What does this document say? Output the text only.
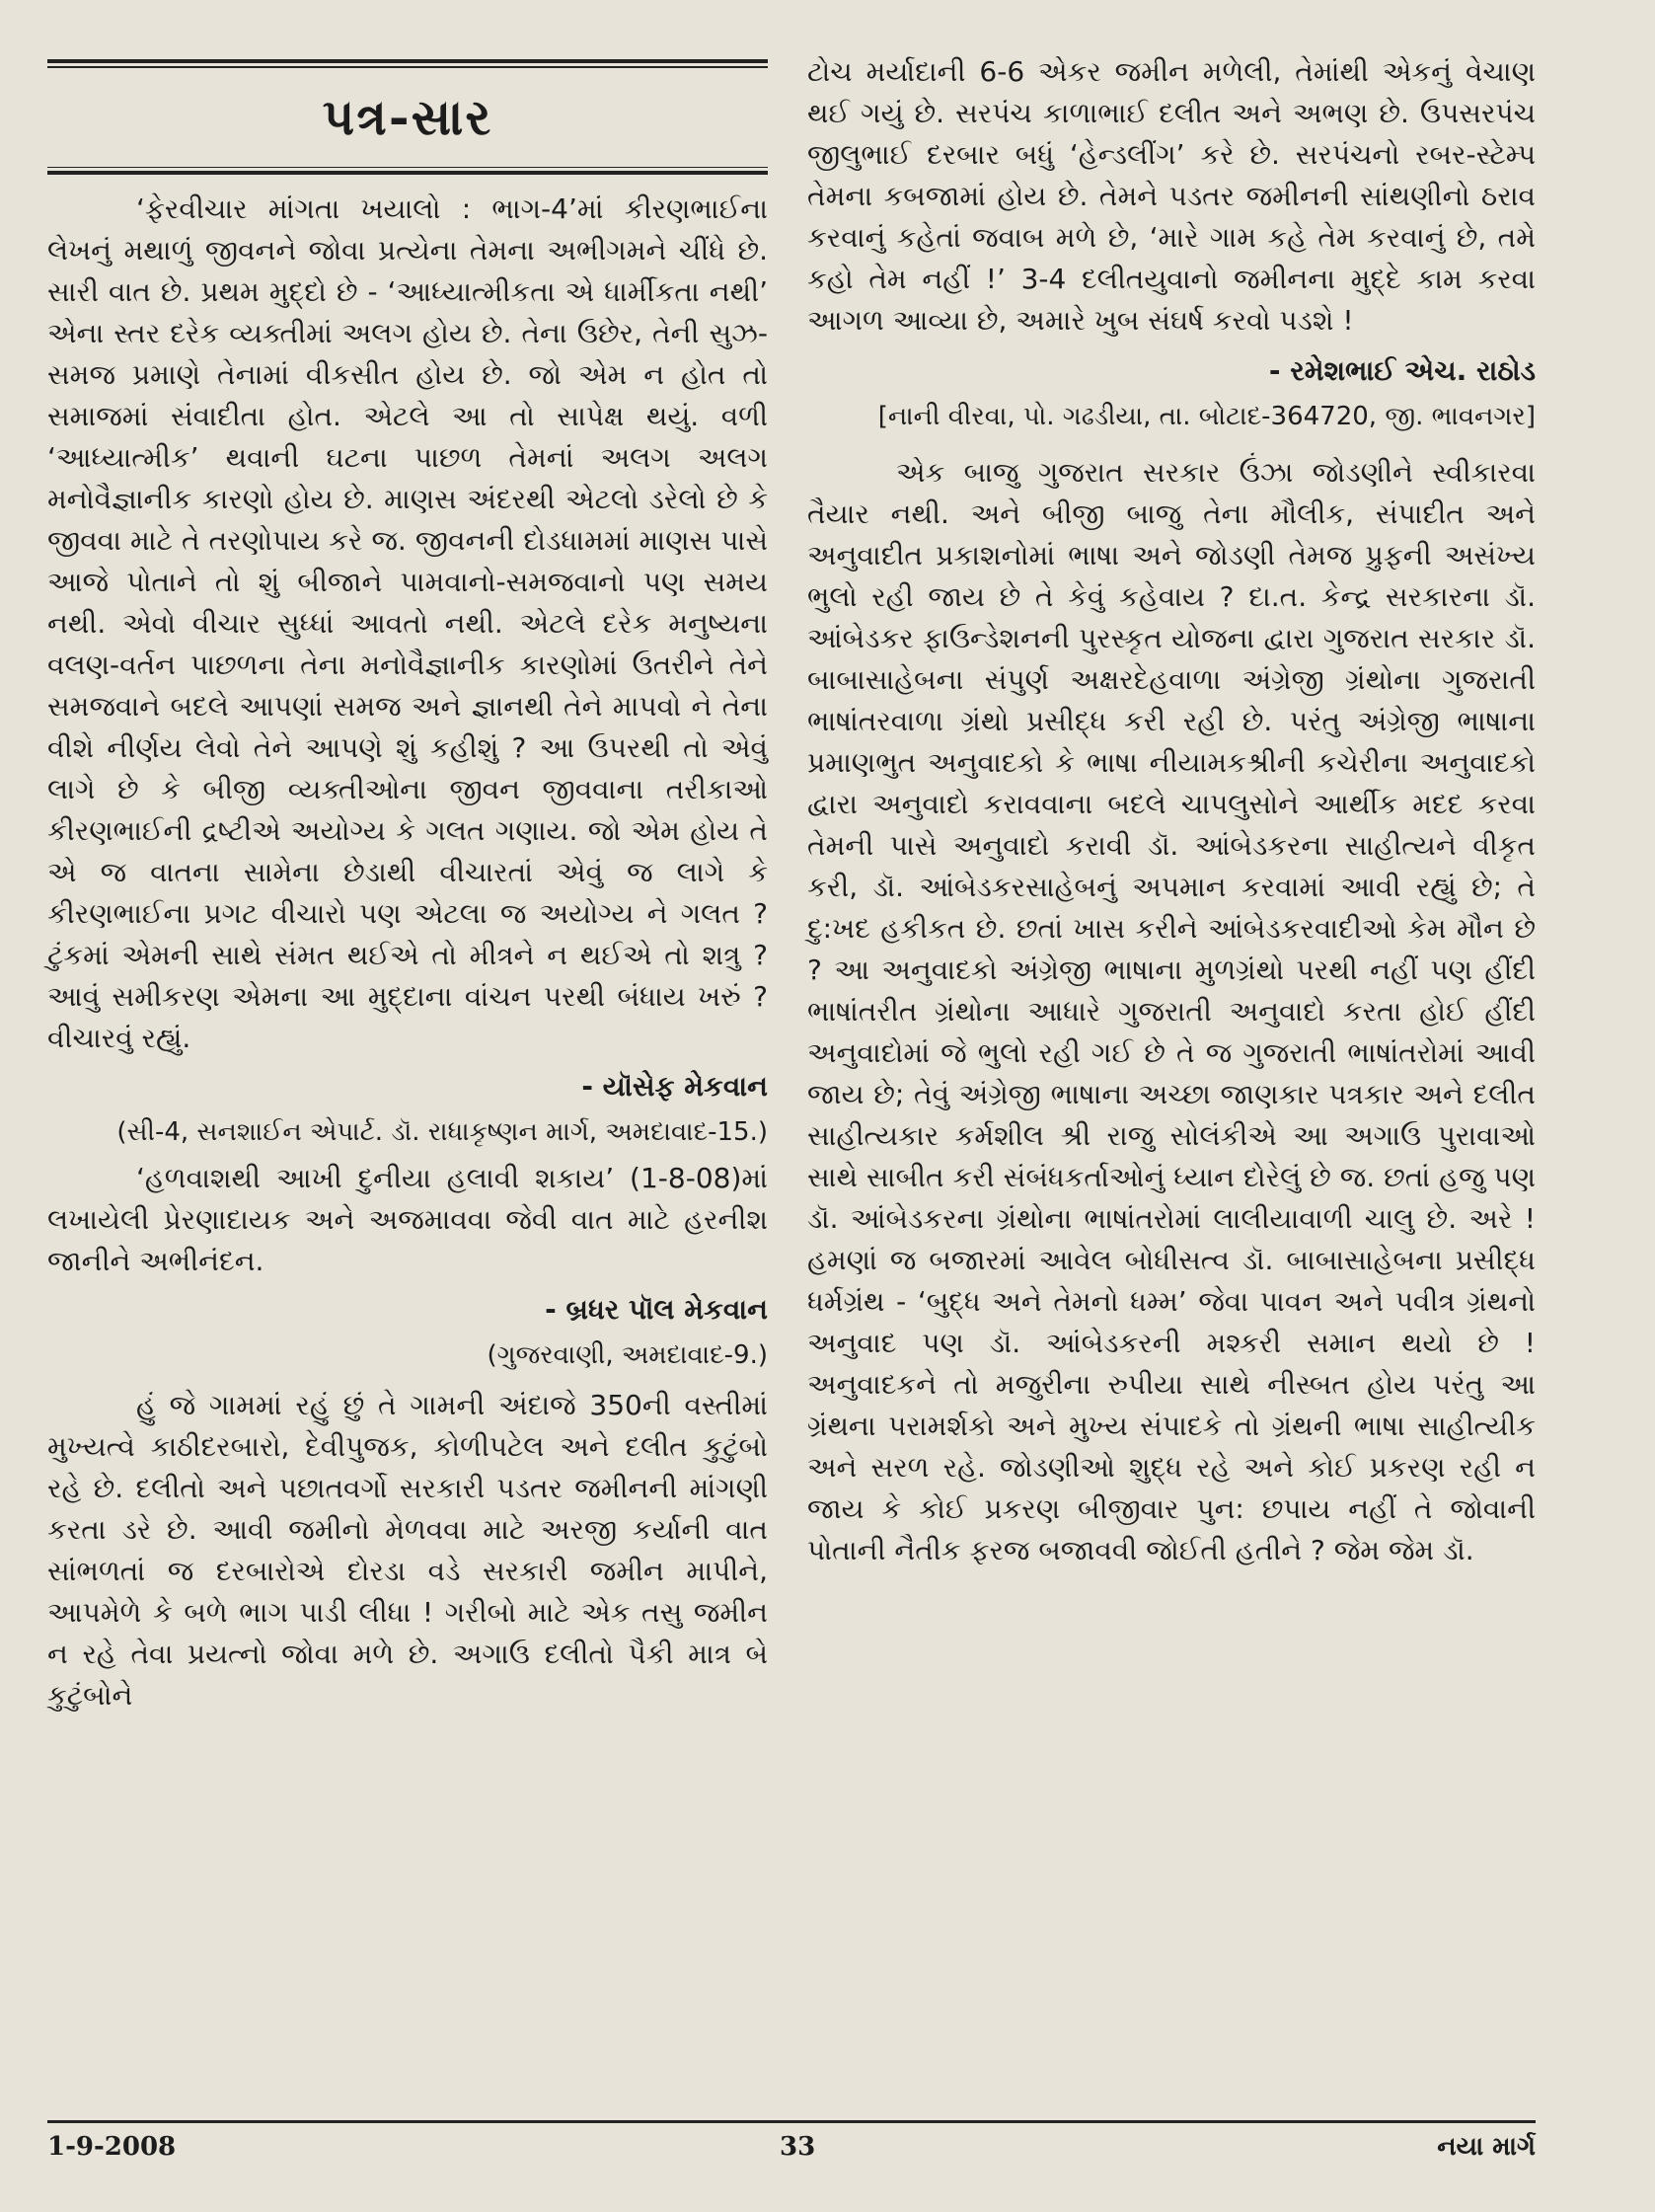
પત્ર-સાર

‘ફેરવીચાર માંગતા ખયાલો : ભાગ-4’માં કીરણભાઈના લેખનું મથાળું જીવનને જોવા પ્રત્યેના તેમના અભીગમને ચીંધે છે. સારી વાત છે. પ્રથમ મુદ્દો છે - ‘આધ્યાત્મીકતા એ ધાર્મીકતા નથી’ એના સ્તર દરેક વ્યક્તીમાં અલગ હોય છે. તેના ઉછેર, તેની સુઝ-સમજ પ્રમાણે તેનામાં વીકસીત હોય છે. જો એમ ન હોત તો સમાજમાં સંવાદીતા હોત. એટલે આ તો સાપેક્ષ થયું. વળી ‘આધ્યાત્મીક’ થવાની ઘટના પાછળ તેમનાં અલગ અલગ મનોવૈજ્ઞાનીક કારણો હોય છે. માણસ અંદરથી એટલો ડરેલો છે કે જીવવા માટે તે તરણોપાય કરે જ. જીવનની દોડધામમાં માણસ પાસે આજે પોતાને તો શું બીજાને પામવાનો-સમજવાનો પણ સમય નથી. એવો વીચાર સુધ્ધાં આવતો નથી. એટલે દરેક મનુષ્યના વલણ-વર્તન પાછળના તેના મનોવૈજ્ઞાનીક કારણોમાં ઉતરીને તેને સમજવાને બદલે આપણાં સમજ અને જ્ઞાનથી તેને માપવો ને તેના વીશે નીર્ણય લેવો તેને આપણે શું કહીશું ? આ ઉપરથી તો એવું લાગે છે કે બીજી વ્યક્તીઓના જીવન જીવવાના તરીકાઓ કીરણભાઈની દ્રષ્ટીએ અયોગ્ય કે ગલત ગણાય. જો એમ હોય તે એ જ વાતના સામેના છેડાથી વીચારતાં એવું જ લાગે કે કીરણભાઈના પ્રગટ વીચારો પણ એટલા જ અયોગ્ય ને ગલત ? ટુંકમાં એમની સાથે સંમત થઈએ તો મીત્રને ન થઈએ તો શત્રુ ? આવું સમીકરણ એમના આ મુદ્દાના વાંચન પરથી બંધાય ખરું ? વીચારવું રહ્યું.

- યૉસેફ મેકવાન

(સી-4, સનશાઈન એપાર્ટ. ડૉ. રાધાકૃષ્ણન માર્ગ, અમદાવાદ-15.)

‘હળવાશથી આખી દુનીયા હલાવી શકાય’ (1-8-08)માં લખાયેલી પ્રેરણાદાયક અને અજમાવવા જેવી વાત માટે હરનીશ જાનીને અભીનંદન.

- બ્રધર પૉલ મેકવાન

(ગુજરવાણી, અમદાવાદ-9.)

હું જે ગામમાં રહું છું તે ગામની અંદાજે 350ની વસ્તીમાં મુખ્યત્વે કાઠીદરબારો, દેવીપુજક, કોળીપટેલ અને દલીત કુટુંબો રહે છે. દલીતો અને પછાતવર્ગો સરકારી પડતર જમીનની માંગણી કરતા ડરે છે. આવી જમીનો મેળવવા માટે અરજી કર્યાની વાત સાંભળતાં જ દરબારોએ દોરડા વડે સરકારી જમીન માપીને, આપમેળે કે બળે ભાગ પાડી લીધા ! ગરીબો માટે એક તસુ જમીન ન રહે તેવા પ્રયત્નો જોવા મળે છે. અગાઉ દલીતો પૈકી માત્ર બે કુટુંબોને

ટોચ મર્યાદાની 6-6 એકર જમીન મળેલી, તેમાંથી એકનું વેચાણ થઈ ગયું છે. સરપંચ કાળાભાઈ દલીત અને અભણ છે. ઉપસરપંચ જીલુભાઈ દરબાર બધું ‘હેન્ડલીંગ’ કરે છે. સરપંચનો રબર-સ્ટેમ્પ તેમના કબજામાં હોય છે. તેમને પડતર જમીનની સાંથણીનો ઠરાવ કરવાનું કહેતાં જવાબ મળે છે, ‘મારે ગામ કહે તેમ કરવાનું છે, તમે કહો તેમ નહીં !’ 3-4 દલીતયુવાનો જમીનના મુદ્દે કામ કરવા આગળ આવ્યા છે, અમારે ખુબ સંઘર્ષ કરવો પડશે !

- રમેશભાઈ એચ. રાઠોડ

[નાની વીરવા, પો. ગઢડીયા, તા. બોટાદ-364720, જી. ભાવનગર]

એક બાજુ ગુજરાત સરકાર ઉંઝા જોડણીને સ્વીકારવા તૈયાર નથી. અને બીજી બાજુ તેના મૌલીક, સંપાદીત અને અનુવાદીત પ્રકાશનોમાં ભાષા અને જોડણી તેમજ પ્રુફની અસંખ્ય ભુલો રહી જાય છે તે કેવું કહેવાય ? દા.ત. કેન્દ્ર સરકારના ડૉ. આંબેડકર ફાઉન્ડેશનની પુરસ્કૃત યોજના દ્વારા ગુજરાત સરકાર ડૉ. બાબાસાહેબના સંપુર્ણ અક્ષરદેહવાળા અંગ્રેજી ગ્રંથોના ગુજરાતી ભાષાંતરવાળા ગ્રંથો પ્રસીદ્ધ કરી રહી છે. પરંતુ અંગ્રેજી ભાષાના પ્રમાણભુત અનુવાદકો કે ભાષા નીયામકશ્રીની કચેરીના અનુવાદકો દ્વારા અનુવાદો કરાવવાના બદલે ચાપલુસોને આર્થીક મદદ કરવા તેમની પાસે અનુવાદો કરાવી ડૉ. આંબેડકરના સાહીત્યને વીકૃત કરી, ડૉ. આંબેડકરસાહેબનું અપમાન કરવામાં આવી રહ્યું છે; તે દુ:ખદ હકીકત છે. છતાં ખાસ કરીને આંબેડકરવાદીઓ કેમ મૌન છે ? આ અનુવાદકો અંગ્રેજી ભાષાના મુળગ્રંથો પરથી નહીં પણ હીંદી ભાષાંતરીત ગ્રંથોના આધારે ગુજરાતી અનુવાદો કરતા હોઈ હીંદી અનુવાદોમાં જે ભુલો રહી ગઈ છે તે જ ગુજરાતી ભાષાંતરોમાં આવી જાય છે; તેવું અંગ્રેજી ભાષાના અચ્છા જાણકાર પત્રકાર અને દલીત સાહીત્યકાર કર્મશીલ શ્રી રાજુ સોલંકીએ આ અગાઉ પુરાવાઓ સાથે સાબીત કરી સંબંધકર્તાઓનું ધ્યાન દોરેલું છે જ. છતાં હજુ પણ ડૉ. આંબેડકરના ગ્રંથોના ભાષાંતરોમાં લાલીયાવાળી ચાલુ છે. અરે ! હમણાં જ બજારમાં આવેલ બોધીસત્વ ડૉ. બાબાસાહેબના પ્રસીદ્ધ ધર્મગ્રંથ - ‘બુદ્ધ અને તેમનો ધમ્મ’ જેવા પાવન અને પવીત્ર ગ્રંથનો અનુવાદ પણ ડૉ. આંબેડકરની મશ્કરી સમાન થયો છે ! અનુવાદકને તો મજુરીના રુપીયા સાથે નીસ્બત હોય પરંતુ આ ગ્રંથના પરામર્શકો અને મુખ્ય સંપાદકે તો ગ્રંથની ભાષા સાહીત્યીક અને સરળ રહે. જોડણીઓ શુદ્ધ રહે અને કોઈ પ્રકરણ રહી ન જાય કે કોઈ પ્રકરણ બીજીવાર પુન: છપાય નહીં તે જોવાની પોતાની નૈતીક ફરજ બજાવવી જોઈતી હતીને ? જેમ જેમ ડૉ.

1-9-2008	33	નયા માર્ગ
